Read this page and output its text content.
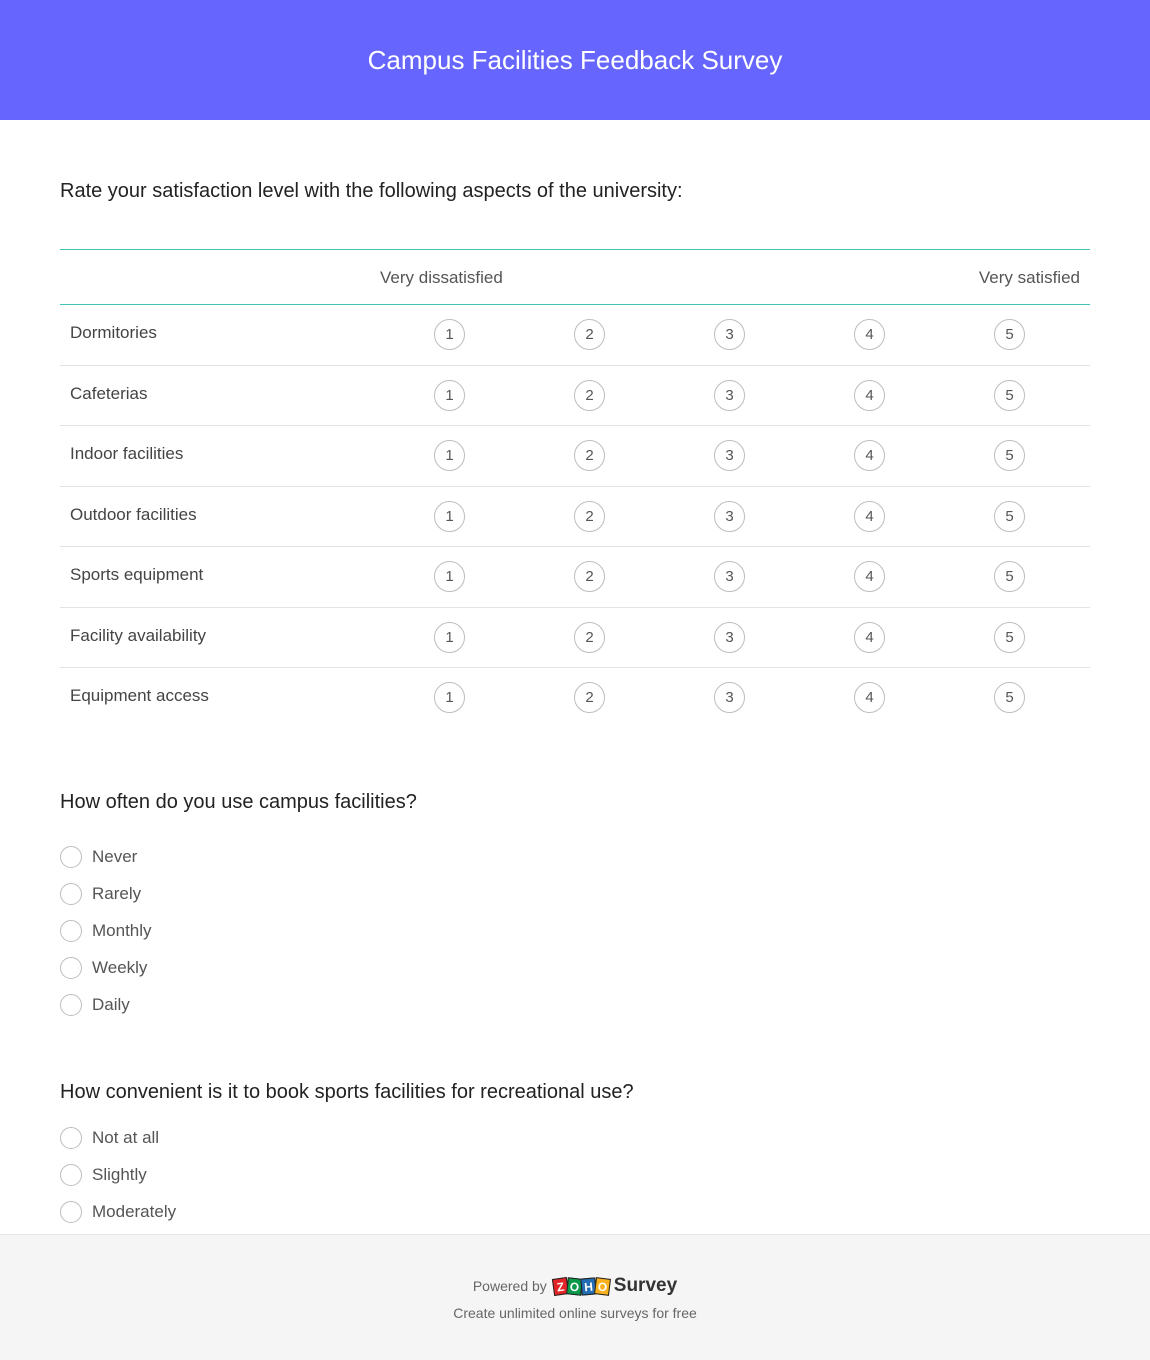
Campus Facilities Feedback Survey
Rate your satisfaction level with the following aspects of the university:
Very dissatisfied	Very satisfied
Dormitories	1	2	3	4	5
Cafeterias	1	2	3	4	5
Indoor facilities	1	2	3	4	5
Outdoor facilities	1	2	3	4	5
Sports equipment	1	2	3	4	5
Facility availability	1	2	3	4	5
Equipment access	1	2	3	4	5
How often do you use campus facilities?
Never
Rarely
Monthly
Weekly
Daily
How convenient is it to book sports facilities for recreational use?
Not at all
Slightly
Moderately
Powered by Z O H O Survey
Create unlimited online surveys for free
